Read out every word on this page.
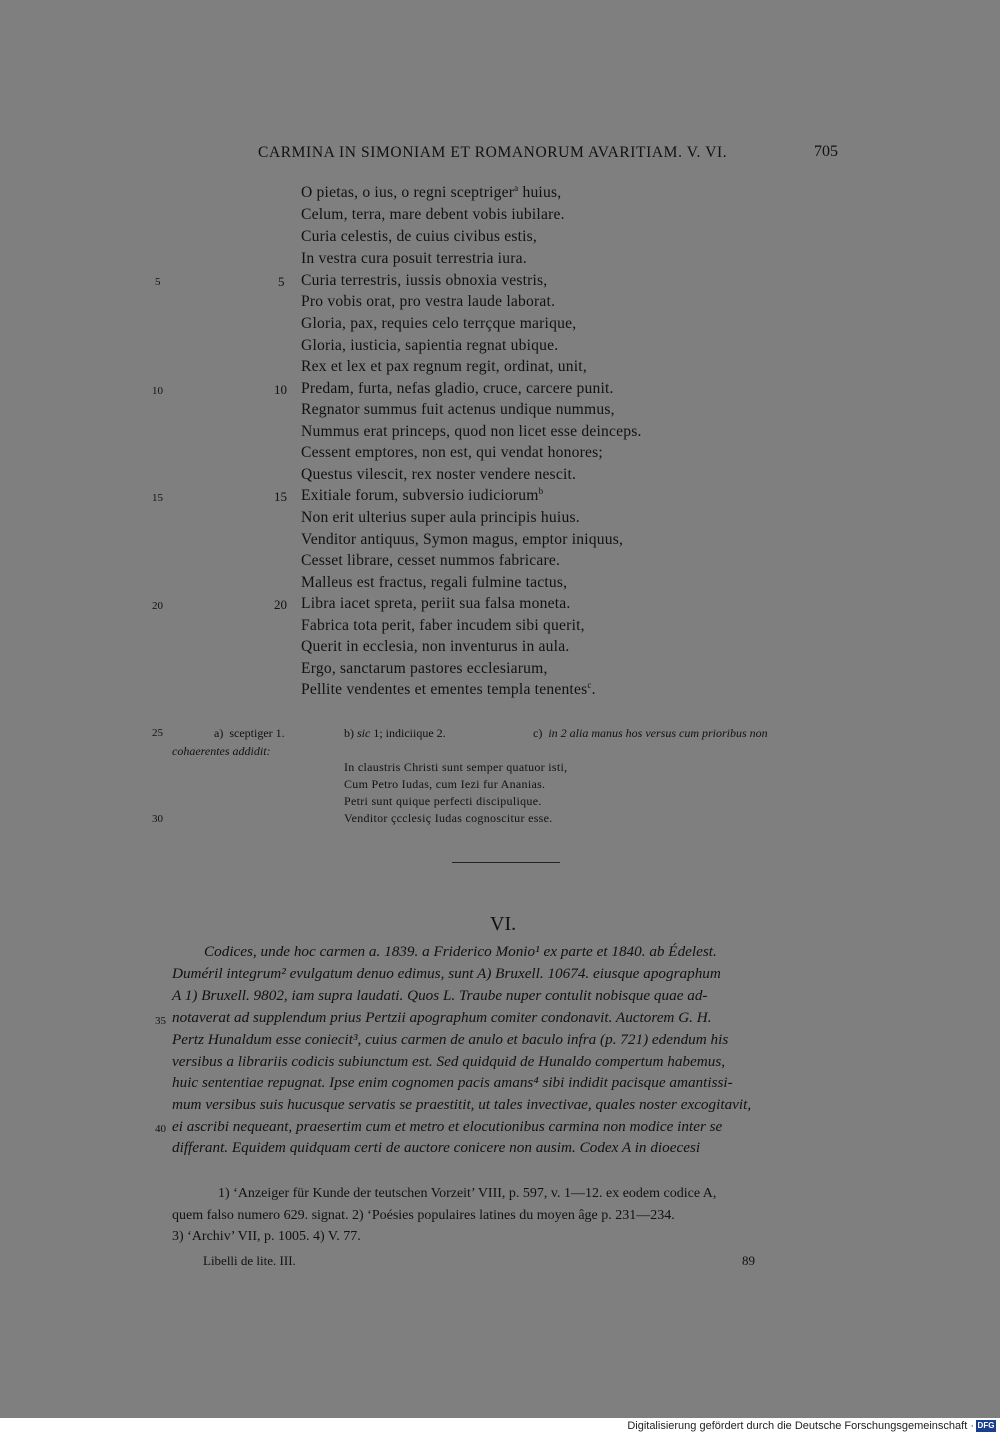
CARMINA IN SIMONIAM ET ROMANORUM AVARITIAM. V. VI.	705
O pietas, o ius, o regni sceptriger$^a$ huius,
Celum, terra, mare debent vobis iubilare.
Curia celestis, de cuius civibus estis,
In vestra cura posuit terrestria iura.
Curia terrestris, iussis obnoxia vestris,
Pro vobis orat, pro vestra laude laborat.
Gloria, pax, requies celo terrçque marique,
Gloria, iusticia, sapientia regnat ubique.
Rex et lex et pax regnum regit, ordinat, unit,
Predam, furta, nefas gladio, cruce, carcere punit.
Regnator summus fuit actenus undique nummus,
Nummus erat princeps, quod non licet esse deinceps.
Cessent emptores, non est, qui vendat honores;
Questus vilescit, rex noster vendere nescit.
Exitiale forum, subversio iudiciorum$^b$
Non erit ulterius super aula principis huius.
Venditor antiquus, Symon magus, emptor iniquus,
Cesset librare, cesset nummos fabricare.
Malleus est fractus, regali fulmine tactus,
Libra iacet spreta, periit sua falsa moneta.
Fabrica tota perit, faber incudem sibi querit,
Querit in ecclesia, non inventurus in aula.
Ergo, sanctarum pastores ecclesiarum,
Pellite vendentes et ementes templa tenentes$^c$.
5
10
15
20
5
10
15
20
25	a) sceptiger 1.	b) sic 1; indiciique 2.	c) in 2 alia manus hos versus cum prioribus non
cohaerentes addidit:
In claustris Christi sunt semper quatuor isti,
Cum Petro Iudas, cum Iezi fur Ananias.
Petri sunt quique perfecti discipulique.
Venditor çcclesiç Iudas cognoscitur esse.
30
VI.
Codices, unde hoc carmen a. 1839. a Friderico Monio¹ ex parte et 1840. ab Édelest.
Duméril integrum² evulgatum denuo edimus, sunt A) Bruxell. 10674. eiusque apographum
A 1) Bruxell. 9802, iam supra laudati. Quos L. Traube nuper contulit nobisque quae ad-
notaverat ad supplendum prius Pertzii apographum comiter condonavit. Auctorem G. H.
Pertz Hunaldum esse coniecit³, cuius carmen de anulo et baculo infra (p. 721) edendum his
versibus a librariis codicis subiunctum est. Sed quidquid de Hunaldo compertum habemus,
huic sententiae repugnat. Ipse enim cognomen pacis amans⁴ sibi indidit pacisque amantissi-
mum versibus suis hucusque servatis se praestitit, ut tales invectivae, quales noster excogitavit,
ei ascribi nequeant, praesertim cum et metro et elocutionibus carmina non modice inter se
differant. Equidem quidquam certi de auctore conicere non ausim. Codex A in dioecesi
35
40
1) ‘Anzeiger für Kunde der teutschen Vorzeit’ VIII, p. 597, v. 1—12. ex eodem codice A,
quem falso numero 629. signat. 2) ‘Poésies populaires latines du moyen âge p. 231—234.
3) ‘Archiv’ VII, p. 1005. 4) V. 77.
Libelli de lite. III.	89
Digitalisierung gefördert durch die Deutsche Forschungsgemeinschaft · DFG
